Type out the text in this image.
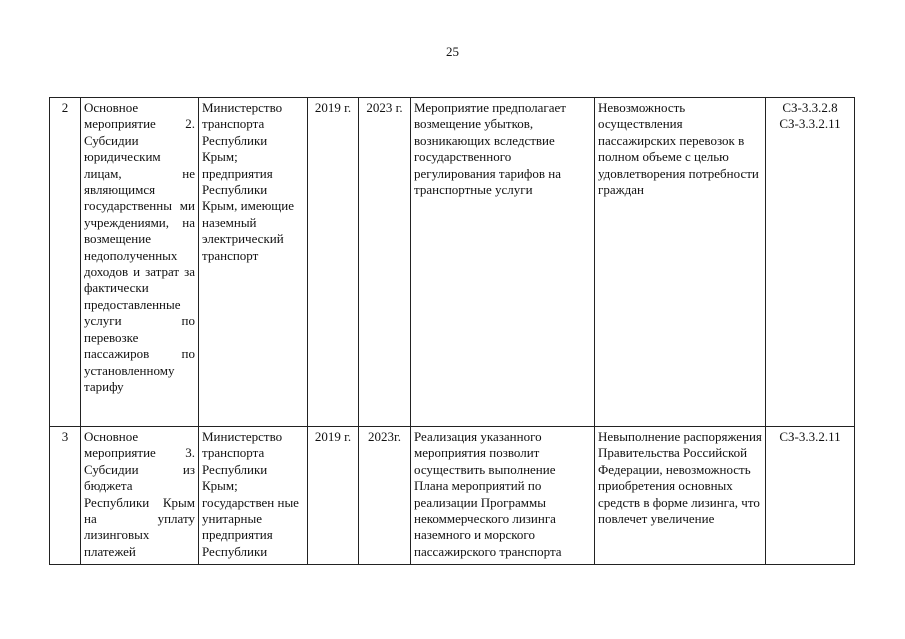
25
2	Основное мероприятие 2. Субсидии юридическим лицам, не являющимся государственны ми учреждениями, на возмещение недополученных доходов и затрат за фактически предоставленные услуги по перевозке пассажиров по установленному тарифу	Министерство транспорта Республики Крым; предприятия Республики Крым, имеющие наземный электрический транспорт	2019 г.	2023 г.	Мероприятие предполагает возмещение убытков, возникающих вследствие государственного регулирования тарифов на транспортные услуги	Невозможность осуществления пассажирских перевозок в полном объеме с целью удовлетворения потребности граждан	СЗ-3.3.2.8
СЗ-3.3.2.11

3	Основное мероприятие 3. Субсидии из бюджета Республики Крым на уплату лизинговых платежей	Министерство транспорта Республики Крым; государствен ные унитарные предприятия Республики	2019 г.	2023г.	Реализация указанного мероприятия позволит осуществить выполнение Плана мероприятий по реализации Программы некоммерческого лизинга наземного и морского пассажирского транспорта	Невыполнение распоряжения Правительства Российской Федерации, невозможность приобретения основных средств в форме лизинга, что повлечет увеличение	СЗ-3.3.2.11
